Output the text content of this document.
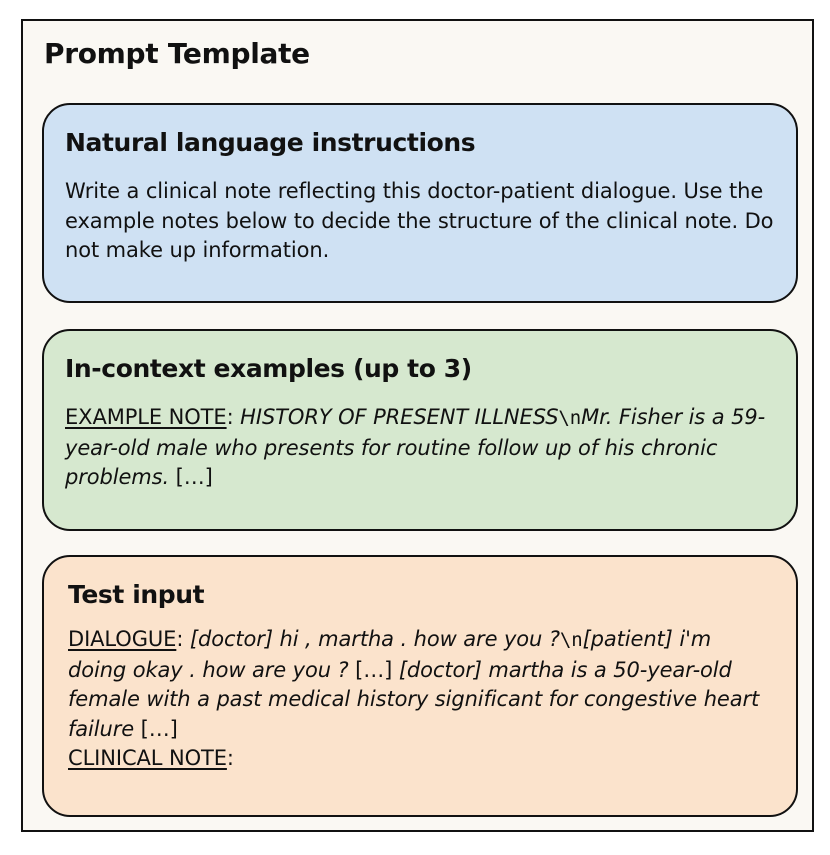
Prompt Template
Natural language instructions

Write a clinical note reflecting this doctor-patient dialogue. Use the example notes below to decide the structure of the clinical note. Do not make up information.

In-context examples (up to 3)

EXAMPLE NOTE: HISTORY OF PRESENT ILLNESS\nMr. Fisher is a 59-year-old male who presents for routine follow up of his chronic problems. […]

Test input

DIALOGUE: [doctor] hi , martha . how are you ?\n[patient] i'm doing okay . how are you ? […] [doctor] martha is a 50-year-old female with a past medical history significant for congestive heart failure […]
CLINICAL NOTE:
